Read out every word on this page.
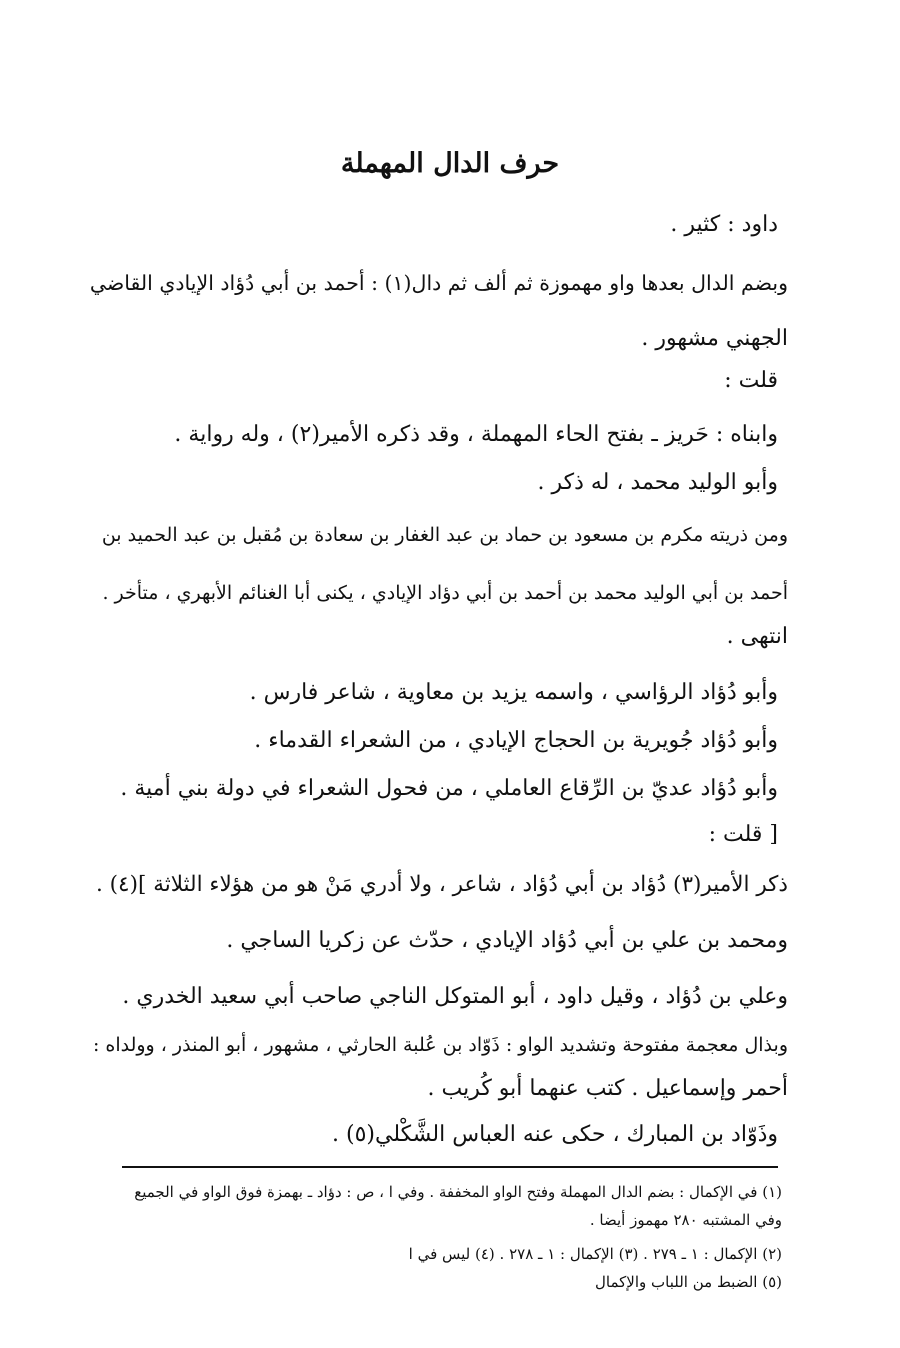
حرف الدال المهملة
داود : كثير .
وبضم الدال بعدها واو مهموزة ثم ألف ثم دال(١) : أحمد بن أبي دُؤاد الإيادي القاضي
الجهني مشهور .
قلت :
وابناه : حَريز ـ بفتح الحاء المهملة ، وقد ذكره الأمير(٢) ، وله رواية .
وأبو الوليد محمد ، له ذكر .
ومن ذريته مكرم بن مسعود بن حماد بن عبد الغفار بن سعادة بن مُقبل بن عبد الحميد بن
أحمد بن أبي الوليد محمد بن أحمد بن أبي دؤاد الإيادي ، يكنى أبا الغنائم الأبهري ، متأخر .
انتهى .
وأبو دُؤاد الرؤاسي ، واسمه يزيد بن معاوية ، شاعر فارس .
وأبو دُؤاد جُويرية بن الحجاج الإيادي ، من الشعراء القدماء .
وأبو دُؤاد عديّ بن الرِّقاع العاملي ، من فحول الشعراء في دولة بني أمية .
[ قلت :
ذكر الأمير(٣) دُؤاد بن أبي دُؤاد ، شاعر ، ولا أدري مَنْ هو من هؤلاء الثلاثة ](٤) .
ومحمد بن علي بن أبي دُؤاد الإيادي ، حدّث عن زكريا الساجي .
وعلي بن دُؤاد ، وقيل داود ، أبو المتوكل الناجي صاحب أبي سعيد الخدري .
وبذال معجمة مفتوحة وتشديد الواو : ذَوّاد بن عُلبة الحارثي ، مشهور ، أبو المنذر ، وولداه :
أحمر وإسماعيل . كتب عنهما أبو كُريب .
وذَوّاد بن المبارك ، حكى عنه العباس الشَّكْلي(٥) .
(١) في الإكمال : بضم الدال المهملة وفتح الواو المخففة . وفي ا ، ص : دؤاد ـ بهمزة فوق الواو في الجميع
وفي المشتبه ٢٨٠ مهموز أيضا .
(٢) الإكمال : ١ ـ ٢٧٩ . (٣) الإكمال : ١ ـ ٢٧٨ . (٤) ليس في ا
(٥) الضبط من اللباب والإكمال
